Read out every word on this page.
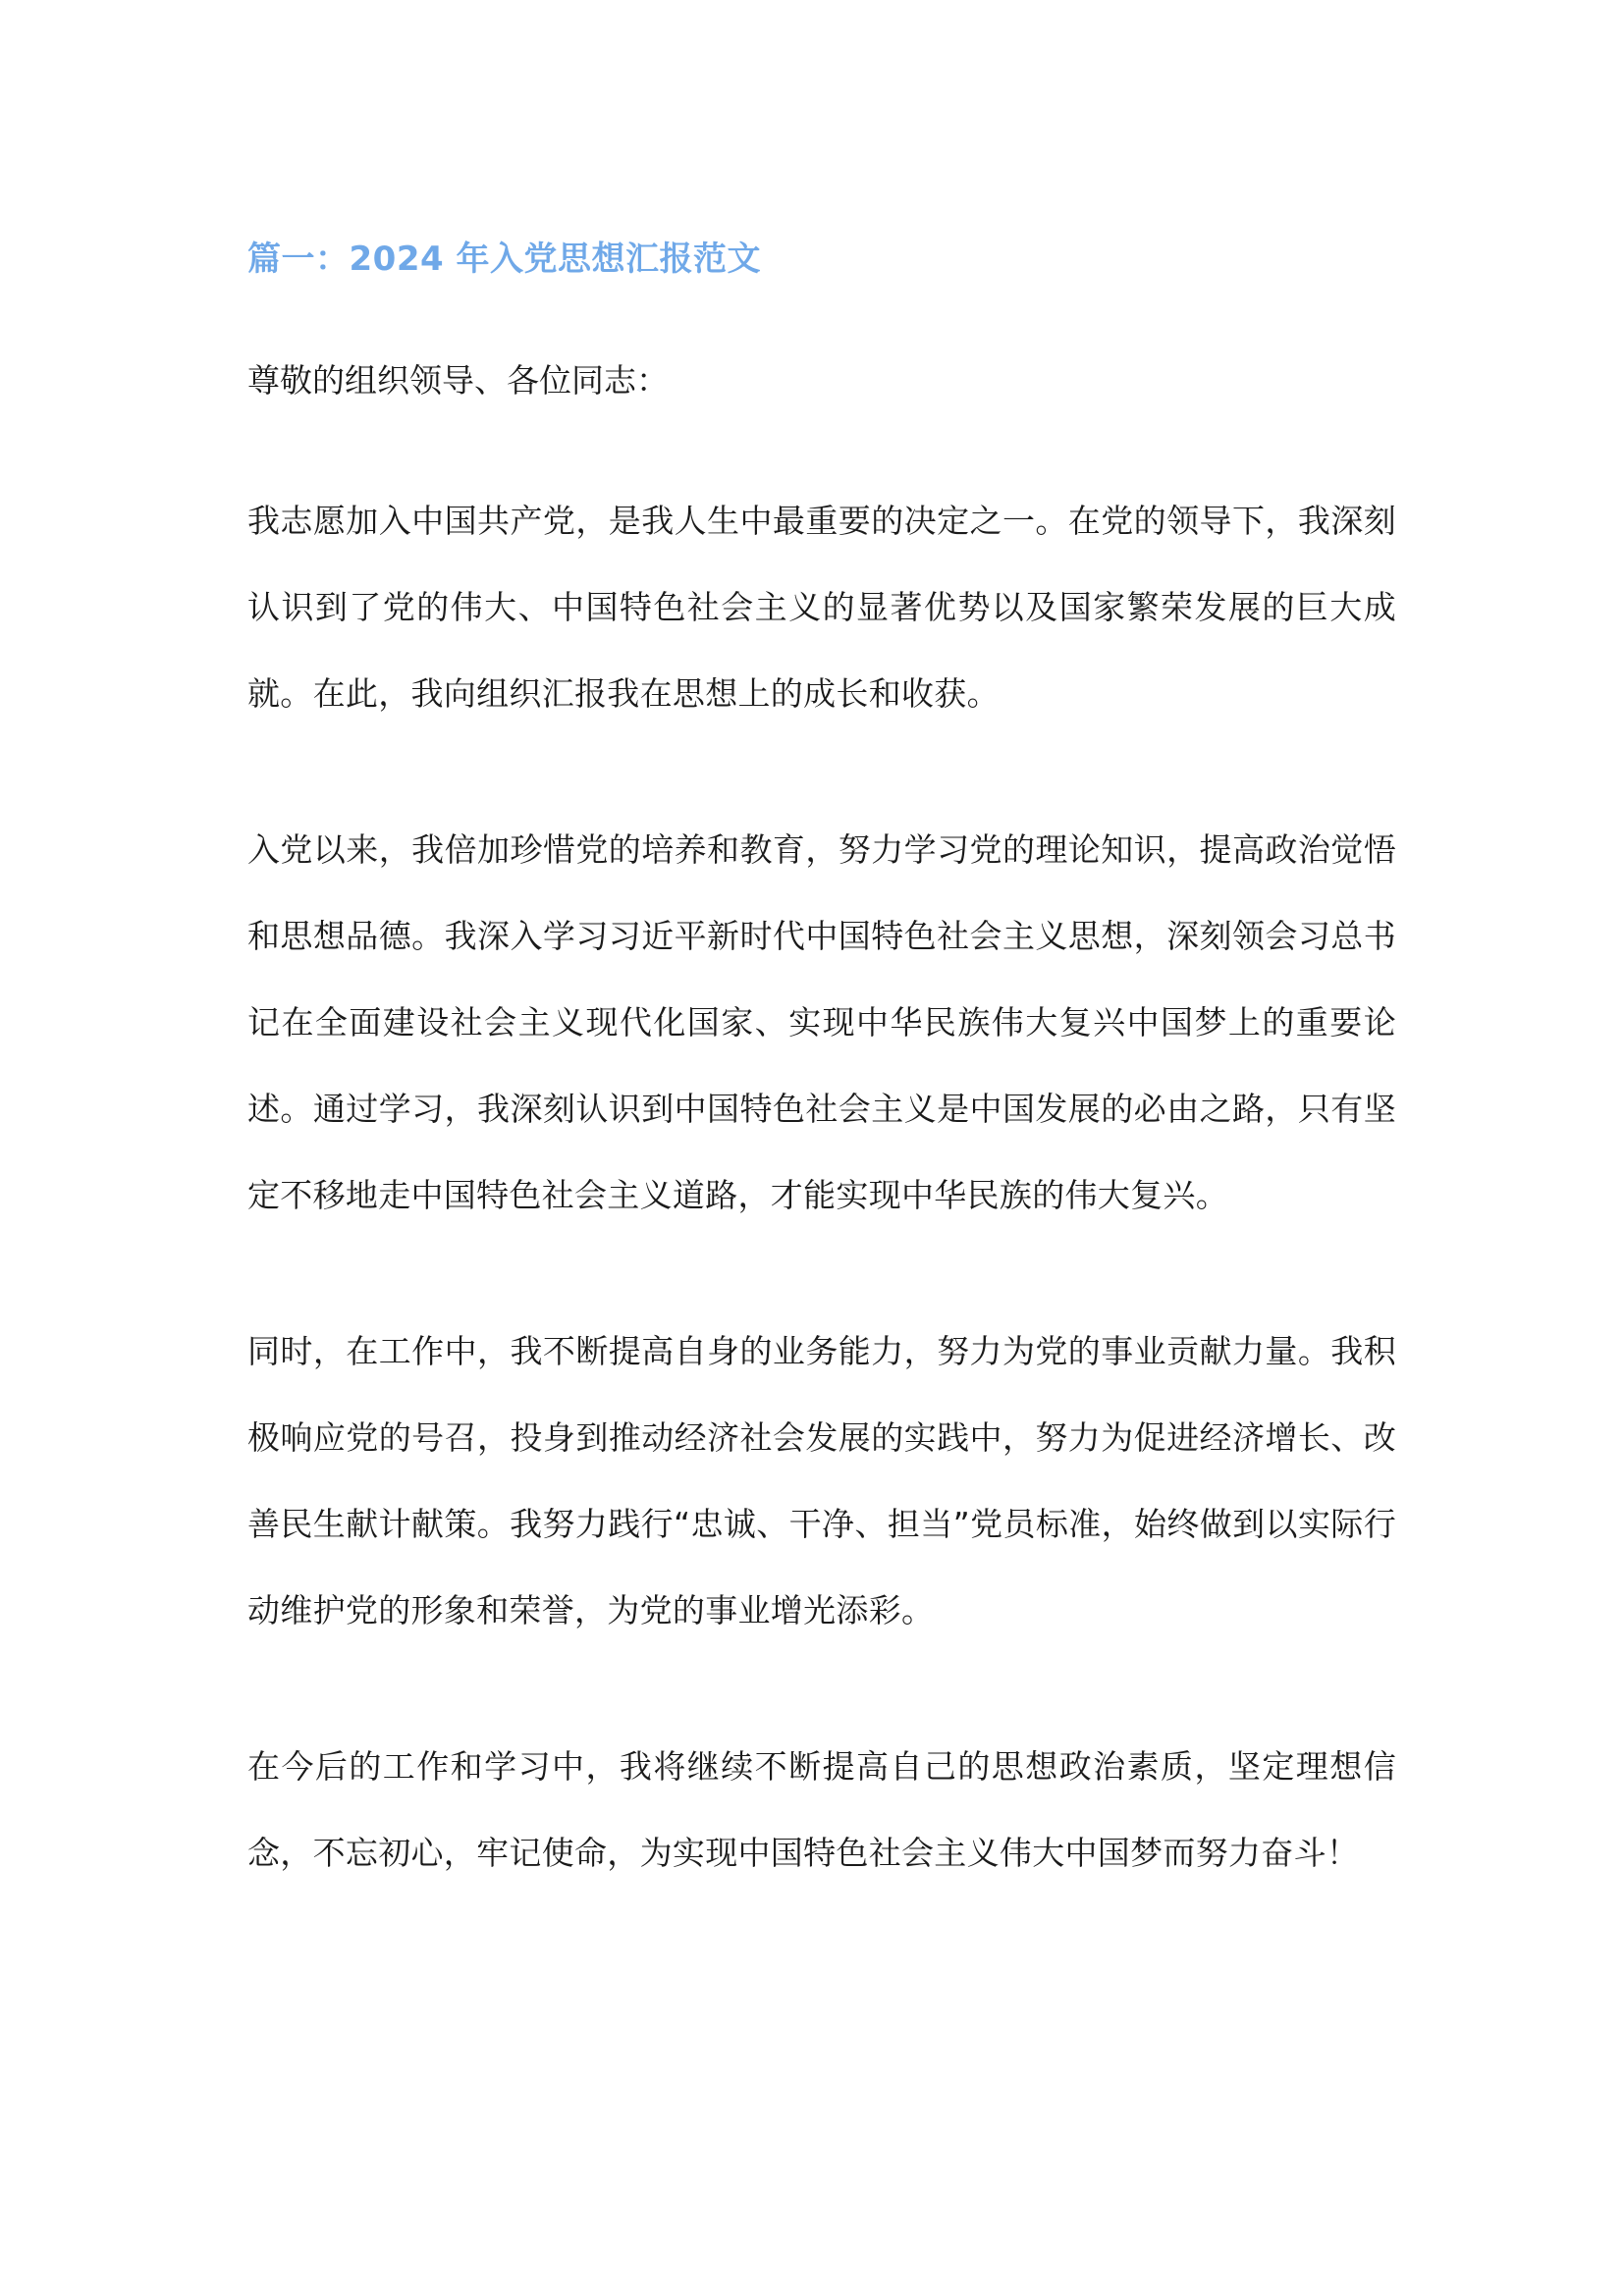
篇一：2024 年入党思想汇报范文

尊敬的组织领导、各位同志：

我志愿加入中国共产党，是我人生中最重要的决定之一。在党的领导下，我深刻认识到了党的伟大、中国特色社会主义的显著优势以及国家繁荣发展的巨大成就。在此，我向组织汇报我在思想上的成长和收获。

入党以来，我倍加珍惜党的培养和教育，努力学习党的理论知识，提高政治觉悟和思想品德。我深入学习习近平新时代中国特色社会主义思想，深刻领会习总书记在全面建设社会主义现代化国家、实现中华民族伟大复兴中国梦上的重要论述。通过学习，我深刻认识到中国特色社会主义是中国发展的必由之路，只有坚定不移地走中国特色社会主义道路，才能实现中华民族的伟大复兴。

同时，在工作中，我不断提高自身的业务能力，努力为党的事业贡献力量。我积极响应党的号召，投身到推动经济社会发展的实践中，努力为促进经济增长、改善民生献计献策。我努力践行“忠诚、干净、担当”党员标准，始终做到以实际行动维护党的形象和荣誉，为党的事业增光添彩。

在今后的工作和学习中，我将继续不断提高自己的思想政治素质，坚定理想信念，不忘初心，牢记使命，为实现中国特色社会主义伟大中国梦而努力奋斗！
